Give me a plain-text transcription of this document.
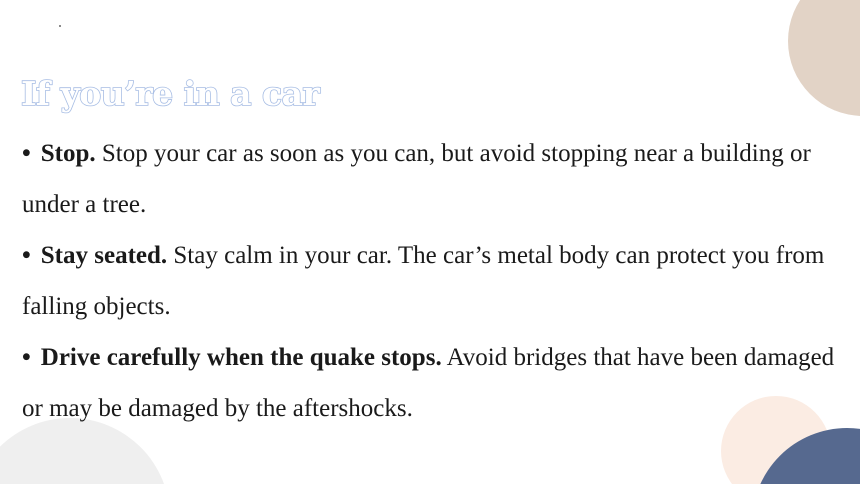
If you’re in a car
• Stop. Stop your car as soon as you can, but avoid stopping near a building or under a tree.
• Stay seated. Stay calm in your car. The car’s metal body can protect you from falling objects.
• Drive carefully when the quake stops. Avoid bridges that have been damaged or may be damaged by the aftershocks.
